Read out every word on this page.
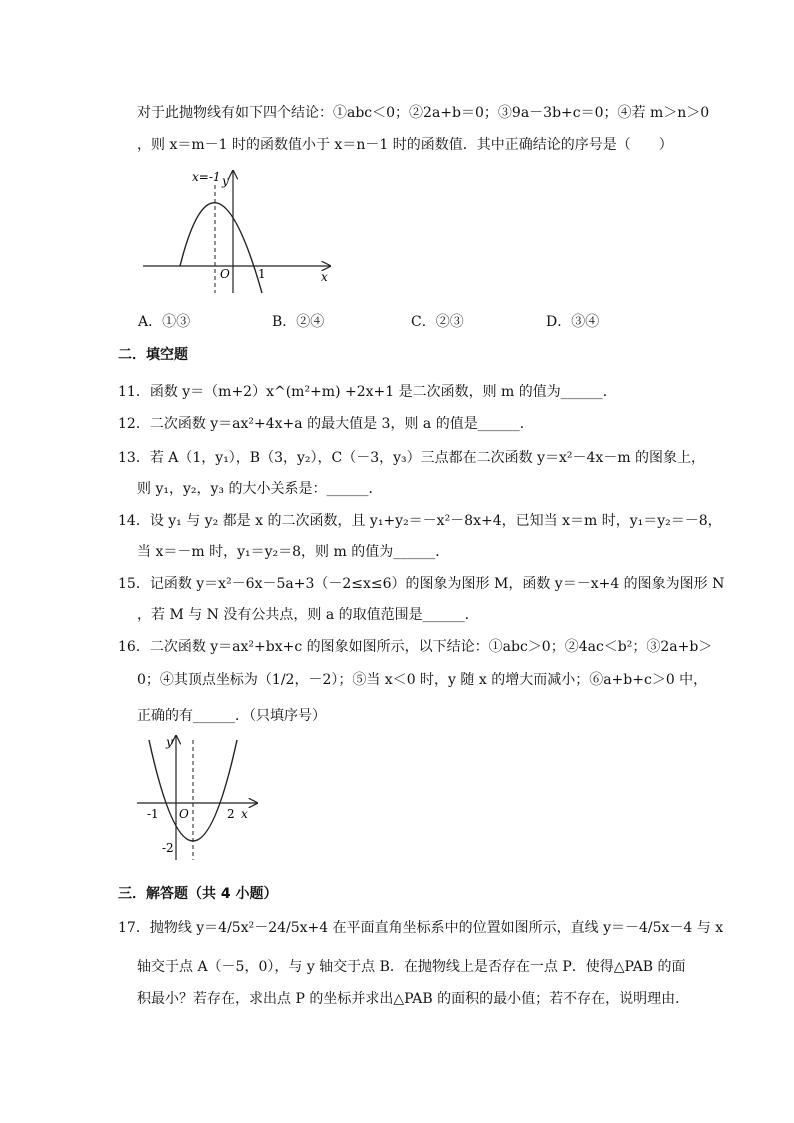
对于此抛物线有如下四个结论：①abc＜0；②2a+b＝0；③9a－3b+c＝0；④若 m＞n＞0
，则 x＝m－1 时的函数值小于 x＝n－1 时的函数值．其中正确结论的序号是（　　）
x=-1 y
O 1	x
A．①③	B．②④	C．②③	D．③④
二．填空题
11．函数 y＝（m+2）x^(m²+m) +2x+1 是二次函数，则 m 的值为______．
12．二次函数 y＝ax²+4x+a 的最大值是 3，则 a 的值是______．
13．若 A（1，y₁），B（3，y₂），C（－3，y₃）三点都在二次函数 y＝x²－4x－m 的图象上，
则 y₁，y₂，y₃ 的大小关系是：______．
14．设 y₁ 与 y₂ 都是 x 的二次函数，且 y₁+y₂＝－x²－8x+4，已知当 x＝m 时，y₁＝y₂＝－8，
当 x＝－m 时，y₁＝y₂＝8，则 m 的值为______．
15．记函数 y＝x²－6x－5a+3（－2≤x≤6）的图象为图形 M，函数 y＝－x+4 的图象为图形 N
，若 M 与 N 没有公共点，则 a 的取值范围是______．
16．二次函数 y＝ax²+bx+c 的图象如图所示，以下结论：①abc＞0；②4ac＜b²；③2a+b＞
0；④其顶点坐标为（1/2，－2）；⑤当 x＜0 时，y 随 x 的增大而减小；⑥a+b+c＞0 中，
正确的有______．（只填序号）
y
-1 O	2 x
-2
三．解答题（共 4 小题）
17．抛物线 y＝4/5x²－24/5x+4 在平面直角坐标系中的位置如图所示，直线 y＝－4/5x－4 与 x
轴交于点 A（－5，0），与 y 轴交于点 B．在抛物线上是否存在一点 P．使得△PAB 的面
积最小？若存在，求出点 P 的坐标并求出△PAB 的面积的最小值；若不存在，说明理由．
